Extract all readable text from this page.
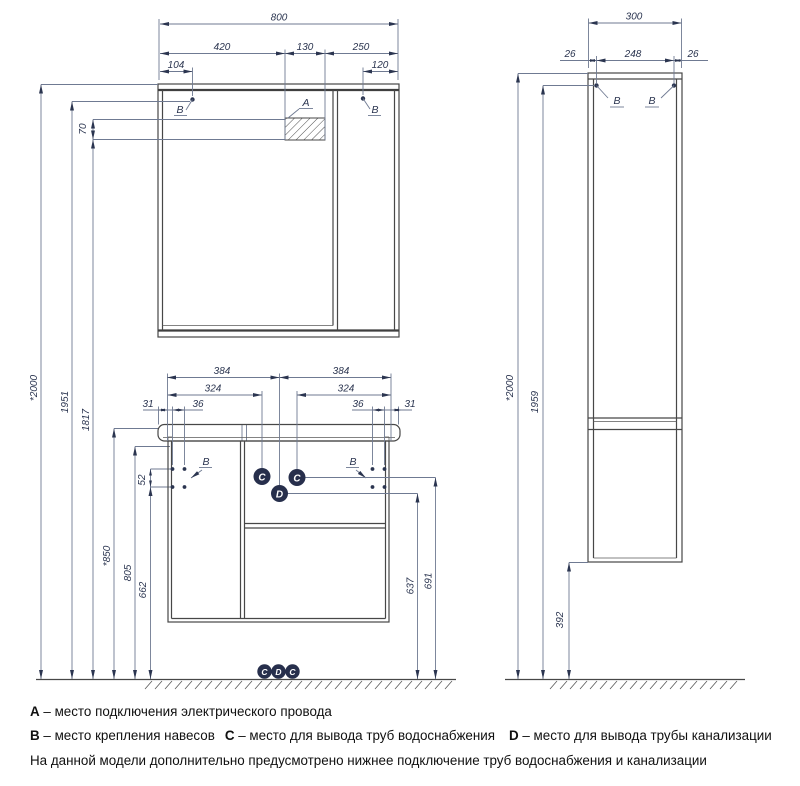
800
420	130	250
104	120
A
B	B
*2000
1951
1817
70
*850
805
662
52
B	B
384	384
324	324
31	36	36	31
691
637
C	C
D
C D C
300
26	248	26
B	B
*2000
1959
392

A – место подключения электрического провода

B – место крепления навесов C – место для вывода труб водоснабжения D – место для вывода трубы канализации

На данной модели дополнительно предусмотрено нижнее подключение труб водоснабжения и канализации
